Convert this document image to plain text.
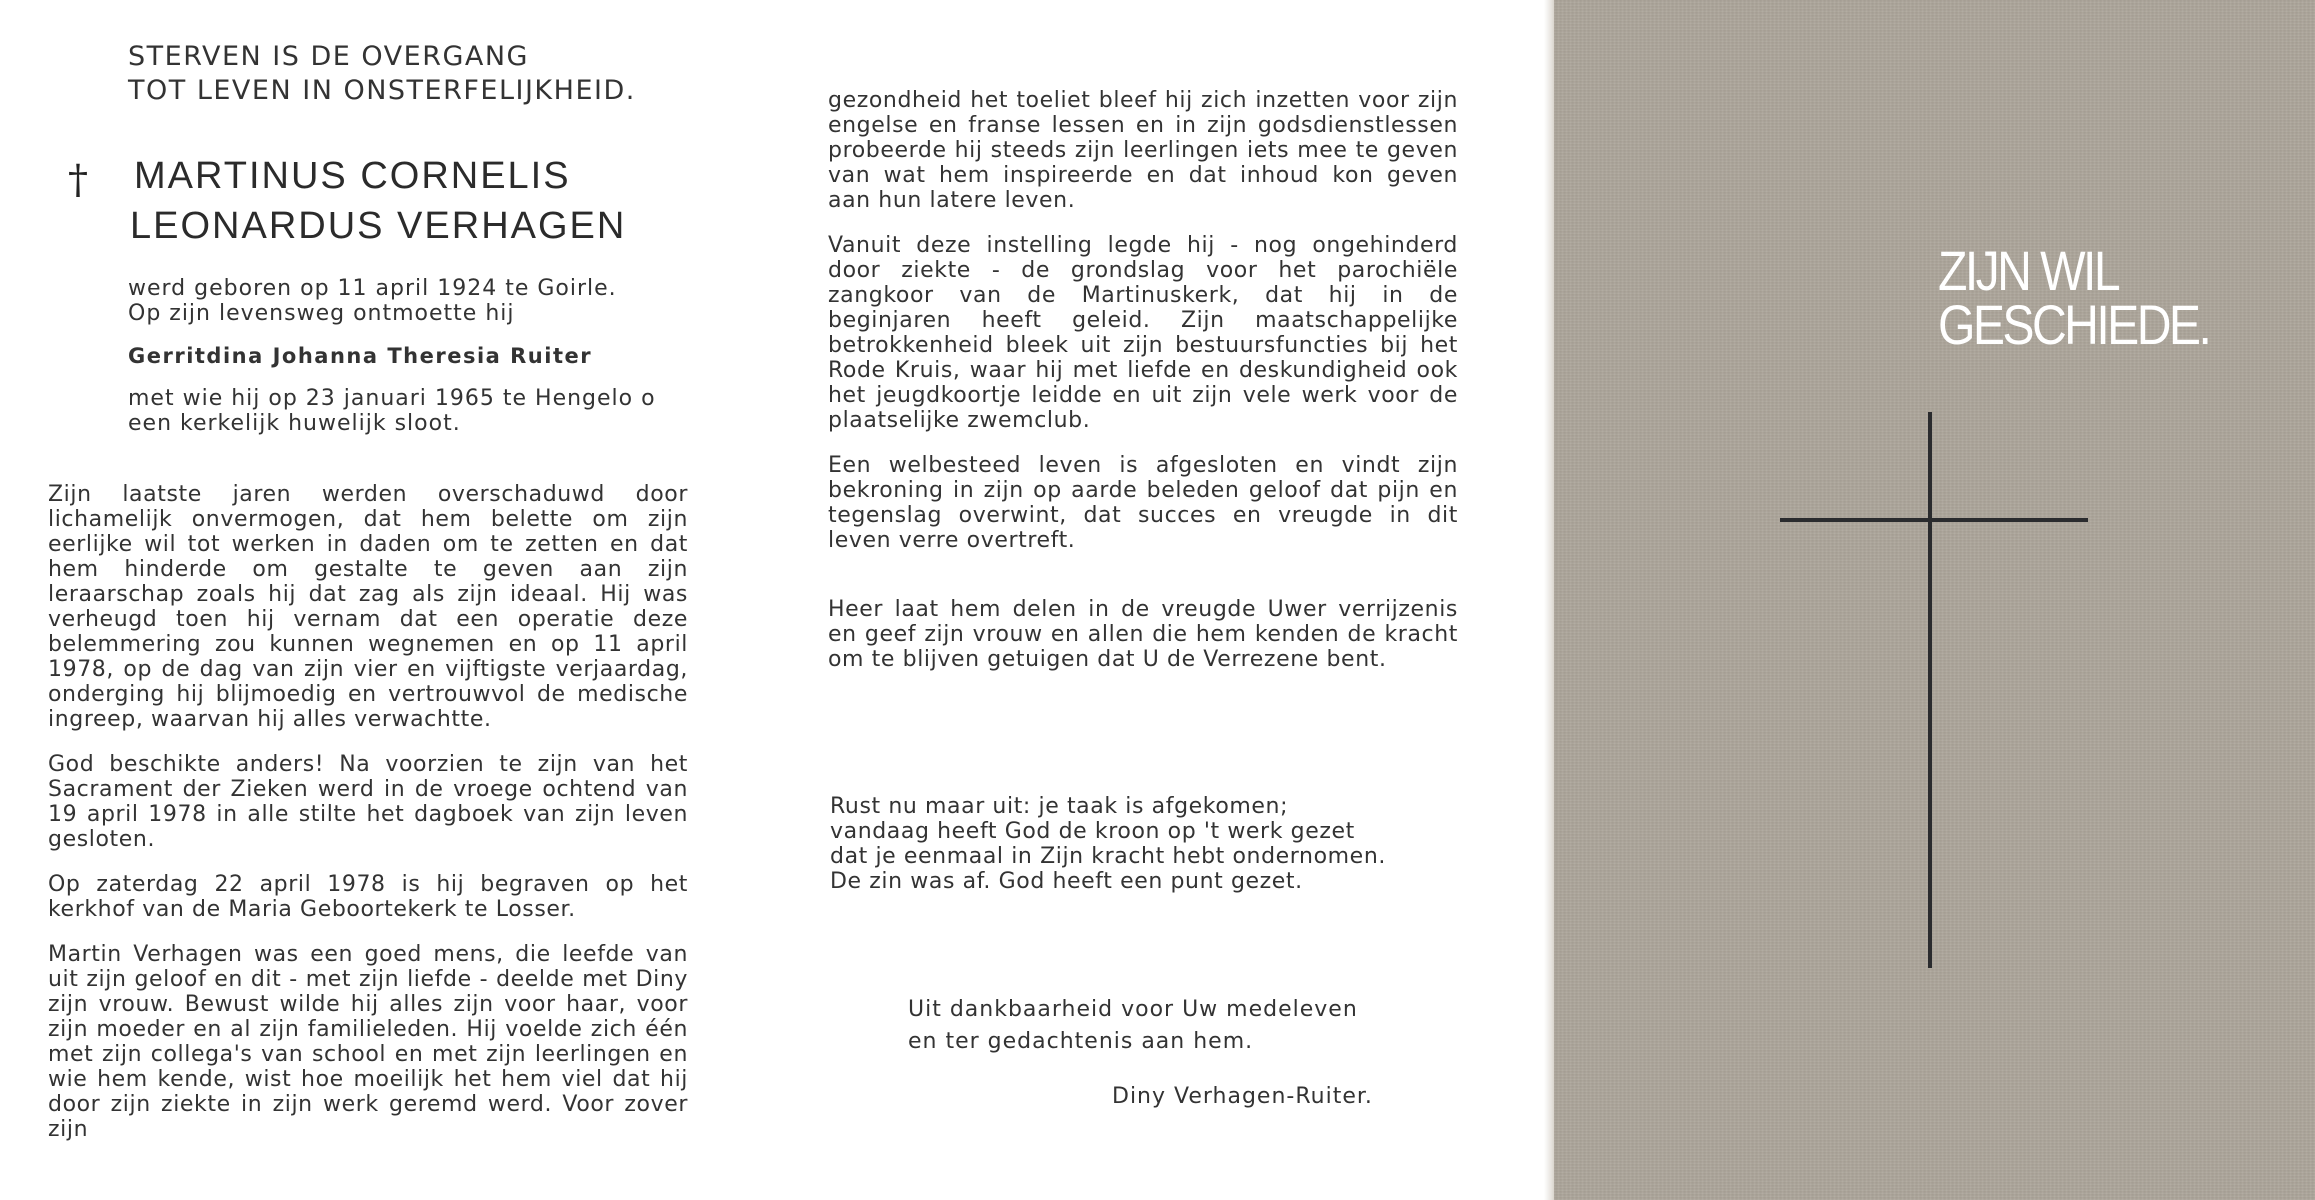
STERVEN IS DE OVERGANG
TOT LEVEN IN ONSTERFELIJKHEID.
† MARTINUS CORNELIS
LEONARDUS VERHAGEN
werd geboren op 11 april 1924 te Goirle.
Op zijn levensweg ontmoette hij
Gerritdina Johanna Theresia Ruiter
met wie hij op 23 januari 1965 te Hengelo o
een kerkelijk huwelijk sloot.

Zijn laatste jaren werden overschaduwd door lichamelijk onvermogen, dat hem belette om zijn eerlijke wil tot werken in daden om te zetten en dat hem hinderde om gestalte te geven aan zijn leraarschap zoals hij dat zag als zijn ideaal. Hij was verheugd toen hij vernam dat een operatie deze belemmering zou kunnen wegnemen en op 11 april 1978, op de dag van zijn vier en vijftigste verjaardag, onderging hij blijmoedig en vertrouwvol de medische ingreep, waarvan hij alles verwachtte.

God beschikte anders! Na voorzien te zijn van het Sacrament der Zieken werd in de vroege ochtend van 19 april 1978 in alle stilte het dagboek van zijn leven gesloten.

Op zaterdag 22 april 1978 is hij begraven op het kerkhof van de Maria Geboortekerk te Losser.

Martin Verhagen was een goed mens, die leefde van uit zijn geloof en dit - met zijn liefde - deelde met Diny zijn vrouw. Bewust wilde hij alles zijn voor haar, voor zijn moeder en al zijn familieleden. Hij voelde zich één met zijn collega's van school en met zijn leerlingen en wie hem kende, wist hoe moeilijk het hem viel dat hij door zijn ziekte in zijn werk geremd werd. Voor zover zijn

gezondheid het toeliet bleef hij zich inzetten voor zijn engelse en franse lessen en in zijn godsdienstlessen probeerde hij steeds zijn leerlingen iets mee te geven van wat hem inspireerde en dat inhoud kon geven aan hun latere leven.

Vanuit deze instelling legde hij - nog ongehinderd door ziekte - de grondslag voor het parochiële zangkoor van de Martinuskerk, dat hij in de beginjaren heeft geleid. Zijn maatschappelijke betrokkenheid bleek uit zijn bestuursfuncties bij het Rode Kruis, waar hij met liefde en deskundigheid ook het jeugdkoortje leidde en uit zijn vele werk voor de plaatselijke zwemclub.

Een welbesteed leven is afgesloten en vindt zijn bekroning in zijn op aarde beleden geloof dat pijn en tegenslag overwint, dat succes en vreugde in dit leven verre overtreft.

Heer laat hem delen in de vreugde Uwer verrijzenis en geef zijn vrouw en allen die hem kenden de kracht om te blijven getuigen dat U de Verrezene bent.

Rust nu maar uit: je taak is afgekomen;
vandaag heeft God de kroon op 't werk gezet
dat je eenmaal in Zijn kracht hebt ondernomen.
De zin was af. God heeft een punt gezet.
Uit dankbaarheid voor Uw medeleven
en ter gedachtenis aan hem.
Diny Verhagen-Ruiter.
ZIJN WIL
GESCHIEDE.
